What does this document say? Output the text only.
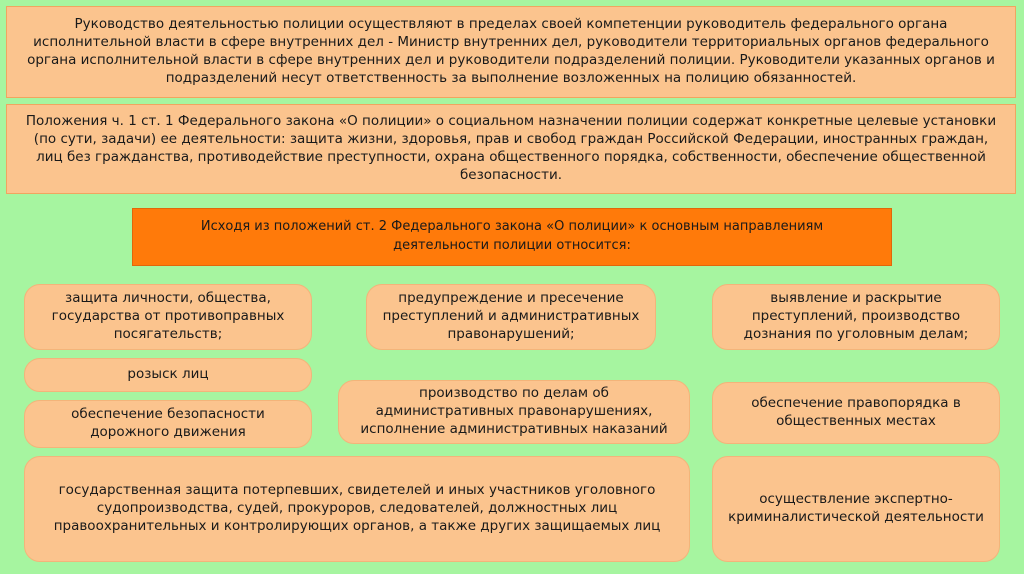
Руководство деятельностью полиции осуществляют в пределах своей компетенции руководитель федерального органа исполнительной власти в сфере внутренних дел - Министр внутренних дел, руководители территориальных органов федерального органа исполнительной власти в сфере внутренних дел и руководители подразделений полиции. Руководители указанных органов и подразделений несут ответственность за выполнение возложенных на полицию обязанностей.
Положения ч. 1 ст. 1 Федерального закона «О полиции» о социальном назначении полиции содержат конкретные целевые установки (по сути, задачи) ее деятельности: защита жизни, здоровья, прав и свобод граждан Российской Федерации, иностранных граждан, лиц без гражданства, противодействие преступности, охрана общественного порядка, собственности, обеспечение общественной безопасности.
Исходя из положений ст. 2 Федерального закона «О полиции» к основным направлениям деятельности полиции относится:
защита личности, общества, государства от противоправных посягательств;
предупреждение и пресечение преступлений и административных правонарушений;
выявление и раскрытие преступлений, производство дознания по уголовным делам;
розыск лиц
производство по делам об административных правонарушениях, исполнение административных наказаний
обеспечение безопасности дорожного движения
обеспечение правопорядка в общественных местах
государственная защита потерпевших, свидетелей и иных участников уголовного судопроизводства, судей, прокуроров, следователей, должностных лиц правоохранительных и контролирующих органов, а также других защищаемых лиц
осуществление экспертно-криминалистической деятельности
